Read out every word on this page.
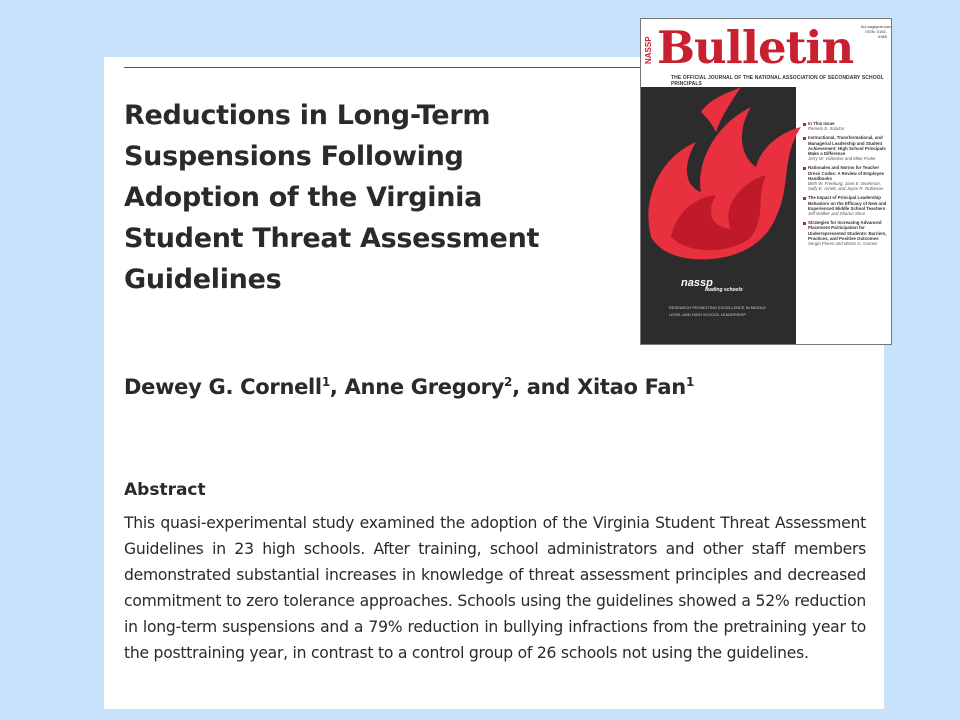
Reductions in Long-Term Suspensions Following Adoption of the Virginia Student Threat Assessment Guidelines
Dewey G. Cornell$^1$, Anne Gregory$^2$, and Xitao Fan$^1$
Abstract
This quasi-experimental study examined the adoption of the Virginia Student Threat Assessment Guidelines in 23 high schools. After training, school administrators and other staff members demonstrated substantial increases in knowledge of threat assessment principles and decreased commitment to zero tolerance approaches. Schools using the guidelines showed a 52% reduction in long-term suspensions and a 79% reduction in bullying infractions from the pretraining year to the posttraining year, in contrast to a control group of 26 schools not using the guidelines.
NASSP Bulletin bul.sagepub.com ISSN: 0192-6365
THE OFFICIAL JOURNAL OF THE NATIONAL ASSOCIATION OF SECONDARY SCHOOL PRINCIPALS
nassp
leading schools
RESEARCH PROMOTING EXCELLENCE IN MIDDLE LEVEL AND HIGH SCHOOL LEADERSHIP
In This Issue
Pamela S. Salazar
Instructional, Transformational, and Managerial Leadership and Student Achievement: High School Principals Make a Difference
Jerry W. Valentine and Mike Prater
Rationales and Norms for Teacher Dress Codes: A Review of Employee Handbooks
Beth W. Freeburg, Jane E. Workman, Sally E. Arnett, and Joyce R. Robinson
The Impact of Principal Leadership Behaviors on the Efficacy of New and Experienced Middle School Teachers
Jeff Walker and Sharon Slear
Strategies for Increasing Advanced Placement Participation for Underrepresented Students: Barriers, Practices, and Positive Outcomes
Sergio Flores and Martin G. Gomez
